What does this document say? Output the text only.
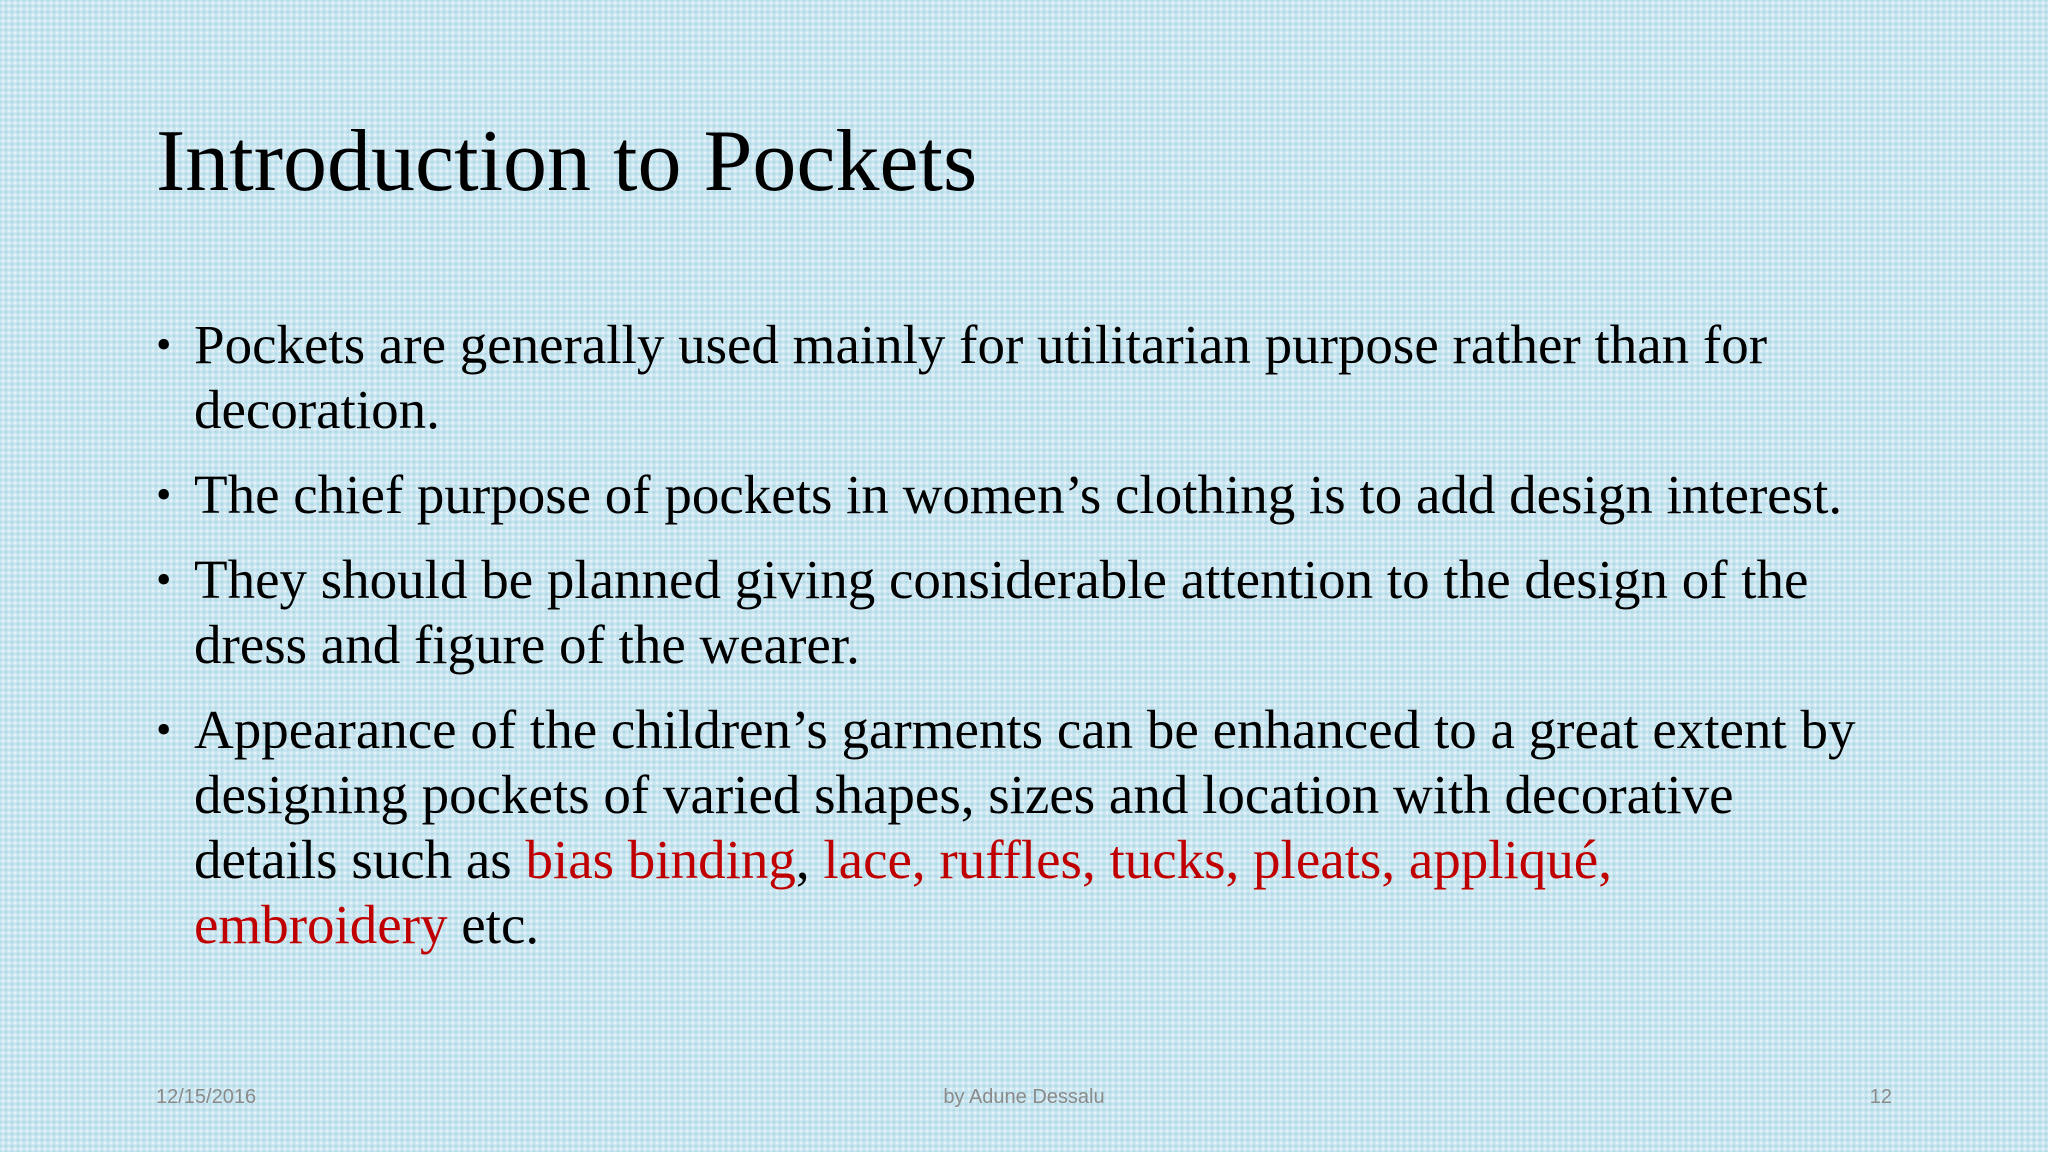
Introduction to Pockets
• Pockets are generally used mainly for utilitarian purpose rather than for decoration.
• The chief purpose of pockets in women’s clothing is to add design interest.
• They should be planned giving considerable attention to the design of the dress and figure of the wearer.
• Appearance of the children’s garments can be enhanced to a great extent by designing pockets of varied shapes, sizes and location with decorative details such as bias binding, lace, ruffles, tucks, pleats, appliqué, embroidery etc.
12/15/2016	by Adune Dessalu	12
